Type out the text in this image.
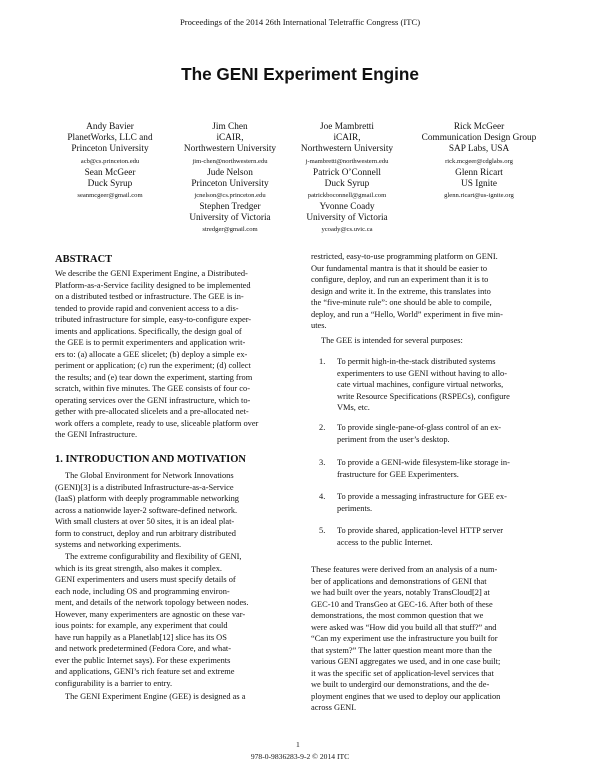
Proceedings of the 2014 26th International Teletraffic Congress (ITC)
The GENI Experiment Engine
Andy Bavier
PlanetWorks, LLC and
Princeton University
acb@cs.princeton.edu
Jim Chen
iCAIR,
Northwestern University
jim-chen@northwestern.edu
Joe Mambretti
iCAIR,
Northwestern University
j-mambretti@northwestern.edu
Rick McGeer
Communication Design Group
SAP Labs, USA
rick.mcgeer@cdglabs.org
Sean McGeer
Duck Syrup
seanmcgeer@gmail.com
Jude Nelson
Princeton University
jcnelson@cs.princeton.edu
Patrick O’Connell
Duck Syrup
patrickboconnell@gmail.com
Glenn Ricart
US Ignite
glenn.ricart@us-ignite.org
Stephen Tredger
University of Victoria
stredger@gmail.com
Yvonne Coady
University of Victoria
ycoady@cs.uvic.ca
ABSTRACT
We describe the GENI Experiment Engine, a Distributed-
Platform-as-a-Service facility designed to be implemented
on a distributed testbed or infrastructure. The GEE is in-
tended to provide rapid and convenient access to a dis-
tributed infrastructure for simple, easy-to-configure exper-
iments and applications. Specifically, the design goal of
the GEE is to permit experimenters and application writ-
ers to: (a) allocate a GEE slicelet; (b) deploy a simple ex-
periment or application; (c) run the experiment; (d) collect
the results; and (e) tear down the experiment, starting from
scratch, within five minutes. The GEE consists of four co-
operating services over the GENI infrastructure, which to-
gether with pre-allocated slicelets and a pre-allocated net-
work offers a complete, ready to use, sliceable platform over
the GENI Infrastructure.
1. INTRODUCTION AND MOTIVATION
The Global Environment for Network Innovations
(GENI)[3] is a distributed Infrastructure-as-a-Service
(IaaS) platform with deeply programmable networking
across a nationwide layer-2 software-defined network.
With small clusters at over 50 sites, it is an ideal plat-
form to construct, deploy and run arbitrary distributed
systems and networking experiments.
The extreme configurability and flexibility of GENI,
which is its great strength, also makes it complex.
GENI experimenters and users must specify details of
each node, including OS and programming environ-
ment, and details of the network topology between nodes.
However, many experimenters are agnostic on these var-
ious points: for example, any experiment that could
have run happily as a Planetlab[12] slice has its OS
and network predetermined (Fedora Core, and what-
ever the public Internet says). For these experiments
and applications, GENI’s rich feature set and extreme
configurability is a barrier to entry.
The GENI Experiment Engine (GEE) is designed as a
restricted, easy-to-use programming platform on GENI.
Our fundamental mantra is that it should be easier to
configure, deploy, and run an experiment than it is to
design and write it. In the extreme, this translates into
the “five-minute rule”: one should be able to compile,
deploy, and run a “Hello, World” experiment in five min-
utes.
The GEE is intended for several purposes:
1. To permit high-in-the-stack distributed systems
experimenters to use GENI without having to allo-
cate virtual machines, configure virtual networks,
write Resource Specifications (RSPECs), configure
VMs, etc.
2. To provide single-pane-of-glass control of an ex-
periment from the user’s desktop.
3. To provide a GENI-wide filesystem-like storage in-
frastructure for GEE Experimenters.
4. To provide a messaging infrastructure for GEE ex-
periments.
5. To provide shared, application-level HTTP server
access to the public Internet.
These features were derived from an analysis of a num-
ber of applications and demonstrations of GENI that
we had built over the years, notably TransCloud[2] at
GEC-10 and TransGeo at GEC-16. After both of these
demonstrations, the most common question that we
were asked was “How did you build all that stuff?” and
“Can my experiment use the infrastructure you built for
that system?” The latter question meant more than the
various GENI aggregates we used, and in one case built;
it was the specific set of application-level services that
we built to undergird our demonstrations, and the de-
ployment engines that we used to deploy our application
across GENI.
1
978-0-9836283-9-2 © 2014 ITC
